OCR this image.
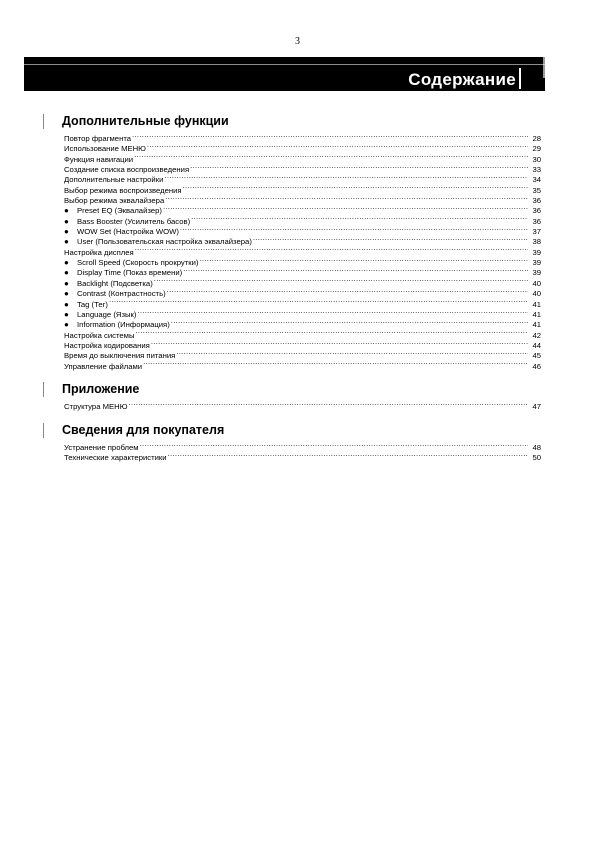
3
Содержание
Дополнительные функции
Повтор фрагмента .....	28
Использование МЕНЮ .....	29
Функция навигации .....	30
Создание списка воспроизведения .....	33
Дополнительные настройки .....	34
Выбор режима воспроизведения .....	35
Выбор режима эквалайзера .....	36
●	Preset EQ (Эквалайзер) .....	36
●	Bass Booster (Усилитель басов) .....	36
●	WOW Set (Настройка WOW) .....	37
●	User (Пользовательская настройка эквалайзера) .....	38
Настройка дисплея .....	39
●	Scroll Speed (Скорость прокрутки) .....	39
●	Display Time (Показ времени) .....	39
●	Backlight (Подсветка) .....	40
●	Contrast (Контрастность) .....	40
●	Tag (Тег) .....	41
●	Language (Язык) .....	41
●	Information (Информация) .....	41
Настройка системы .....	42
Настройка кодирования .....	44
Время до выключения питания .....	45
Управление файлами .....	46
Приложение
Структура МЕНЮ .....	47
Сведения для покупателя
Устранение проблем .....	48
Технические характеристики .....	50
